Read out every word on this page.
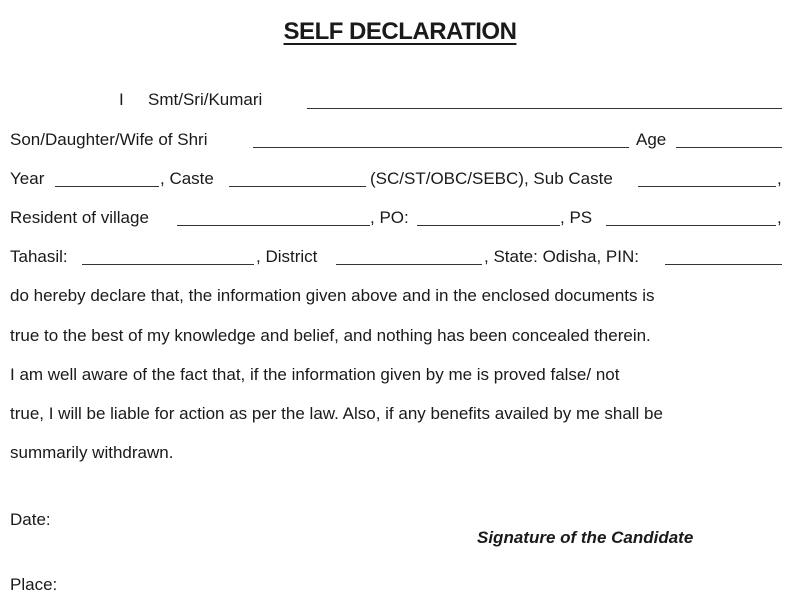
SELF DECLARATION
I Smt/Sri/Kumari
Son/Daughter/Wife of Shri	Age
Year	, Caste	(SC/ST/OBC/SEBC), Sub Caste	,
Resident of village	, PO:	, PS	,
Tahasil:	, District	, State: Odisha, PIN:
do hereby declare that, the information given above and in the enclosed documents is
true to the best of my knowledge and belief, and nothing has been concealed therein.
I am well aware of the fact that, if the information given by me is proved false/ not
true, I will be liable for action as per the law. Also, if any benefits availed by me shall be
summarily withdrawn.
Date:
Signature of the Candidate
Place:
